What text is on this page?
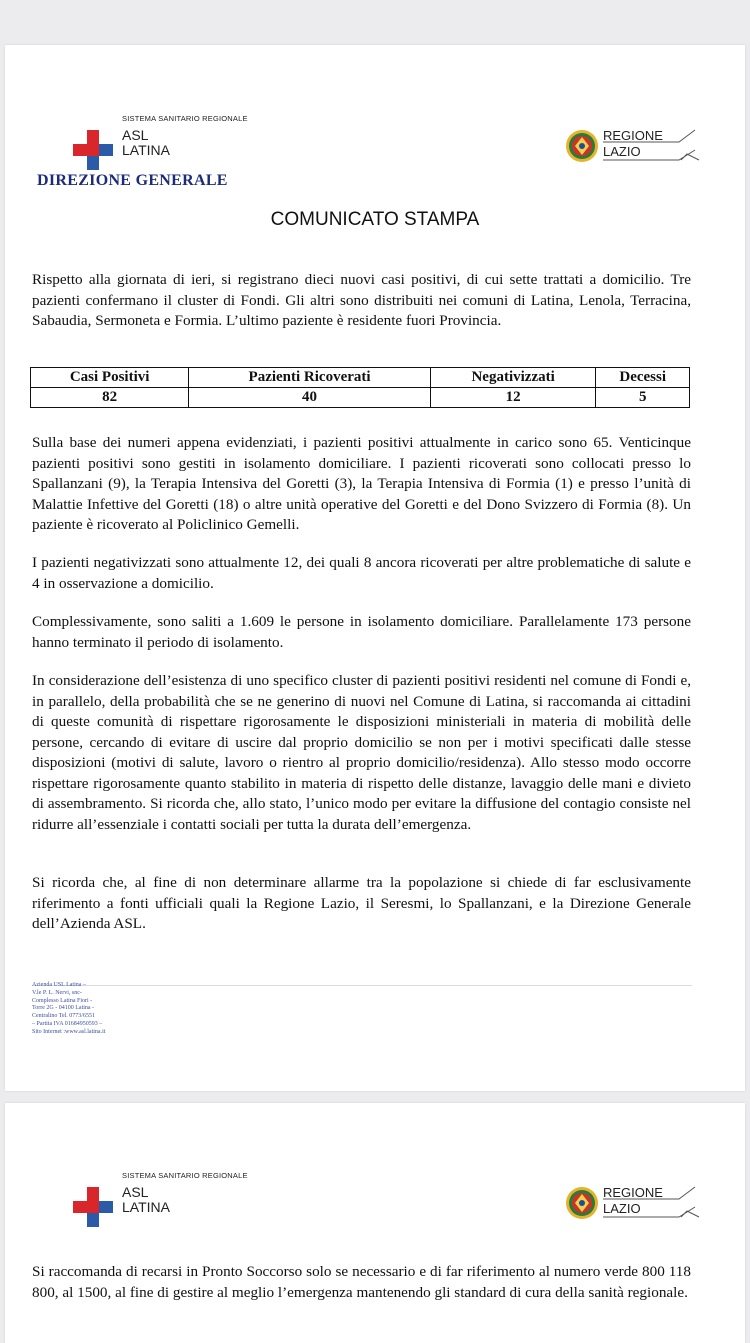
SISTEMA SANITARIO REGIONALE
ASL
LATINA
REGIONE
LAZIO
DIREZIONE GENERALE
COMUNICATO STAMPA

Rispetto alla giornata di ieri, si registrano dieci nuovi casi positivi, di cui sette trattati a domicilio. Tre pazienti confermano il cluster di Fondi. Gli altri sono distribuiti nei comuni di Latina, Lenola, Terracina, Sabaudia, Sermoneta e Formia. L’ultimo paziente è residente fuori Provincia.

Casi Positivi	Pazienti Ricoverati	Negativizzati	Decessi
82	40	12	5

Sulla base dei numeri appena evidenziati, i pazienti positivi attualmente in carico sono 65. Venticinque pazienti positivi sono gestiti in isolamento domiciliare. I pazienti ricoverati sono collocati presso lo Spallanzani (9), la Terapia Intensiva del Goretti (3), la Terapia Intensiva di Formia (1) e presso l’unità di Malattie Infettive del Goretti (18) o altre unità operative del Goretti e del Dono Svizzero di Formia (8). Un paziente è ricoverato al Policlinico Gemelli.

I pazienti negativizzati sono attualmente 12, dei quali 8 ancora ricoverati per altre problematiche di salute e 4 in osservazione a domicilio.

Complessivamente, sono saliti a 1.609 le persone in isolamento domiciliare. Parallelamente 173 persone hanno terminato il periodo di isolamento.

In considerazione dell’esistenza di uno specifico cluster di pazienti positivi residenti nel comune di Fondi e, in parallelo, della probabilità che se ne generino di nuovi nel Comune di Latina, si raccomanda ai cittadini di queste comunità di rispettare rigorosamente le disposizioni ministeriali in materia di mobilità delle persone, cercando di evitare di uscire dal proprio domicilio se non per i motivi specificati dalle stesse disposizioni (motivi di salute, lavoro o rientro al proprio domicilio/residenza). Allo stesso modo occorre rispettare rigorosamente quanto stabilito in materia di rispetto delle distanze, lavaggio delle mani e divieto di assembramento. Si ricorda che, allo stato, l’unico modo per evitare la diffusione del contagio consiste nel ridurre all’essenziale i contatti sociali per tutta la durata dell’emergenza.

Si ricorda che, al fine di non determinare allarme tra la popolazione si chiede di far esclusivamente riferimento a fonti ufficiali quali la Regione Lazio, il Seresmi, lo Spallanzani, e la Direzione Generale dell’Azienda ASL.

Azienda USL Latina –
V.le P. L. Nervi, snc-
Complesso Latina Fiori -
Torre 2G - 04100 Latina -
Centralino Tel. 0773/6551
– Partita IVA 01684950593 –
Sito Internet :www.asl.latina.it
SISTEMA SANITARIO REGIONALE
ASL
LATINA
REGIONE
LAZIO

Si raccomanda di recarsi in Pronto Soccorso solo se necessario e di far riferimento al numero verde 800 118 800, al 1500, al fine di gestire al meglio l’emergenza mantenendo gli standard di cura della sanità regionale.
